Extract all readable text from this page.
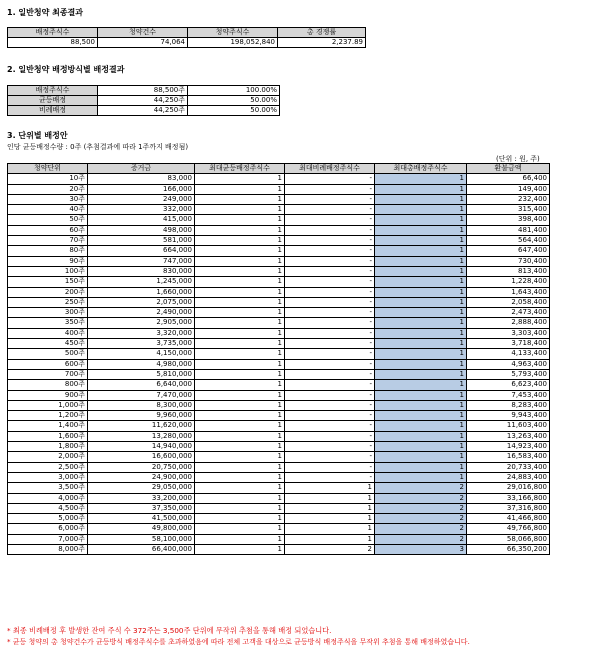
1. 일반청약 최종결과
배정주식수	청약건수	청약주식수	총 경쟁률
88,500	74,064	198,052,840	2,237.89
2. 일반청약 배정방식별 배정결과
배정주식수	88,500주	100.00%
균등배정	44,250주	50.00%
비례배정	44,250주	50.00%
3. 단위별 배정안
인당 균등배정수량 : 0주 (추첨결과에 따라 1주까지 배정됨)
(단위 : 원, 주)
청약단위	증거금	최대균등배정주식수	최대비례배정주식수	최대총배정주식수	환불금액
10주	83,000	1	-	1	66,400
20주	166,000	1	-	1	149,400
30주	249,000	1	-	1	232,400
40주	332,000	1	-	1	315,400
50주	415,000	1	-	1	398,400
60주	498,000	1	-	1	481,400
70주	581,000	1	-	1	564,400
80주	664,000	1	-	1	647,400
90주	747,000	1	-	1	730,400
100주	830,000	1	-	1	813,400
150주	1,245,000	1	-	1	1,228,400
200주	1,660,000	1	-	1	1,643,400
250주	2,075,000	1	-	1	2,058,400
300주	2,490,000	1	-	1	2,473,400
350주	2,905,000	1	-	1	2,888,400
400주	3,320,000	1	-	1	3,303,400
450주	3,735,000	1	-	1	3,718,400
500주	4,150,000	1	-	1	4,133,400
600주	4,980,000	1	-	1	4,963,400
700주	5,810,000	1	-	1	5,793,400
800주	6,640,000	1	-	1	6,623,400
900주	7,470,000	1	-	1	7,453,400
1,000주	8,300,000	1	-	1	8,283,400
1,200주	9,960,000	1	-	1	9,943,400
1,400주	11,620,000	1	-	1	11,603,400
1,600주	13,280,000	1	-	1	13,263,400
1,800주	14,940,000	1	-	1	14,923,400
2,000주	16,600,000	1	-	1	16,583,400
2,500주	20,750,000	1	-	1	20,733,400
3,000주	24,900,000	1	-	1	24,883,400
3,500주	29,050,000	1	1	2	29,016,800
4,000주	33,200,000	1	1	2	33,166,800
4,500주	37,350,000	1	1	2	37,316,800
5,000주	41,500,000	1	1	2	41,466,800
6,000주	49,800,000	1	1	2	49,766,800
7,000주	58,100,000	1	1	2	58,066,800
8,000주	66,400,000	1	2	3	66,350,200
* 최종 비례배정 후 발생한 잔여 주식 수 372주는 3,500주 단위에 무작위 추첨을 통해 배정 되었습니다.
* 균등 청약의 총 청약건수가 균등방식 배정주식수를 초과하였음에 따라 전체 고객을 대상으로 균등방식 배정주식을 무작위 추첨을 통해 배정하였습니다.
